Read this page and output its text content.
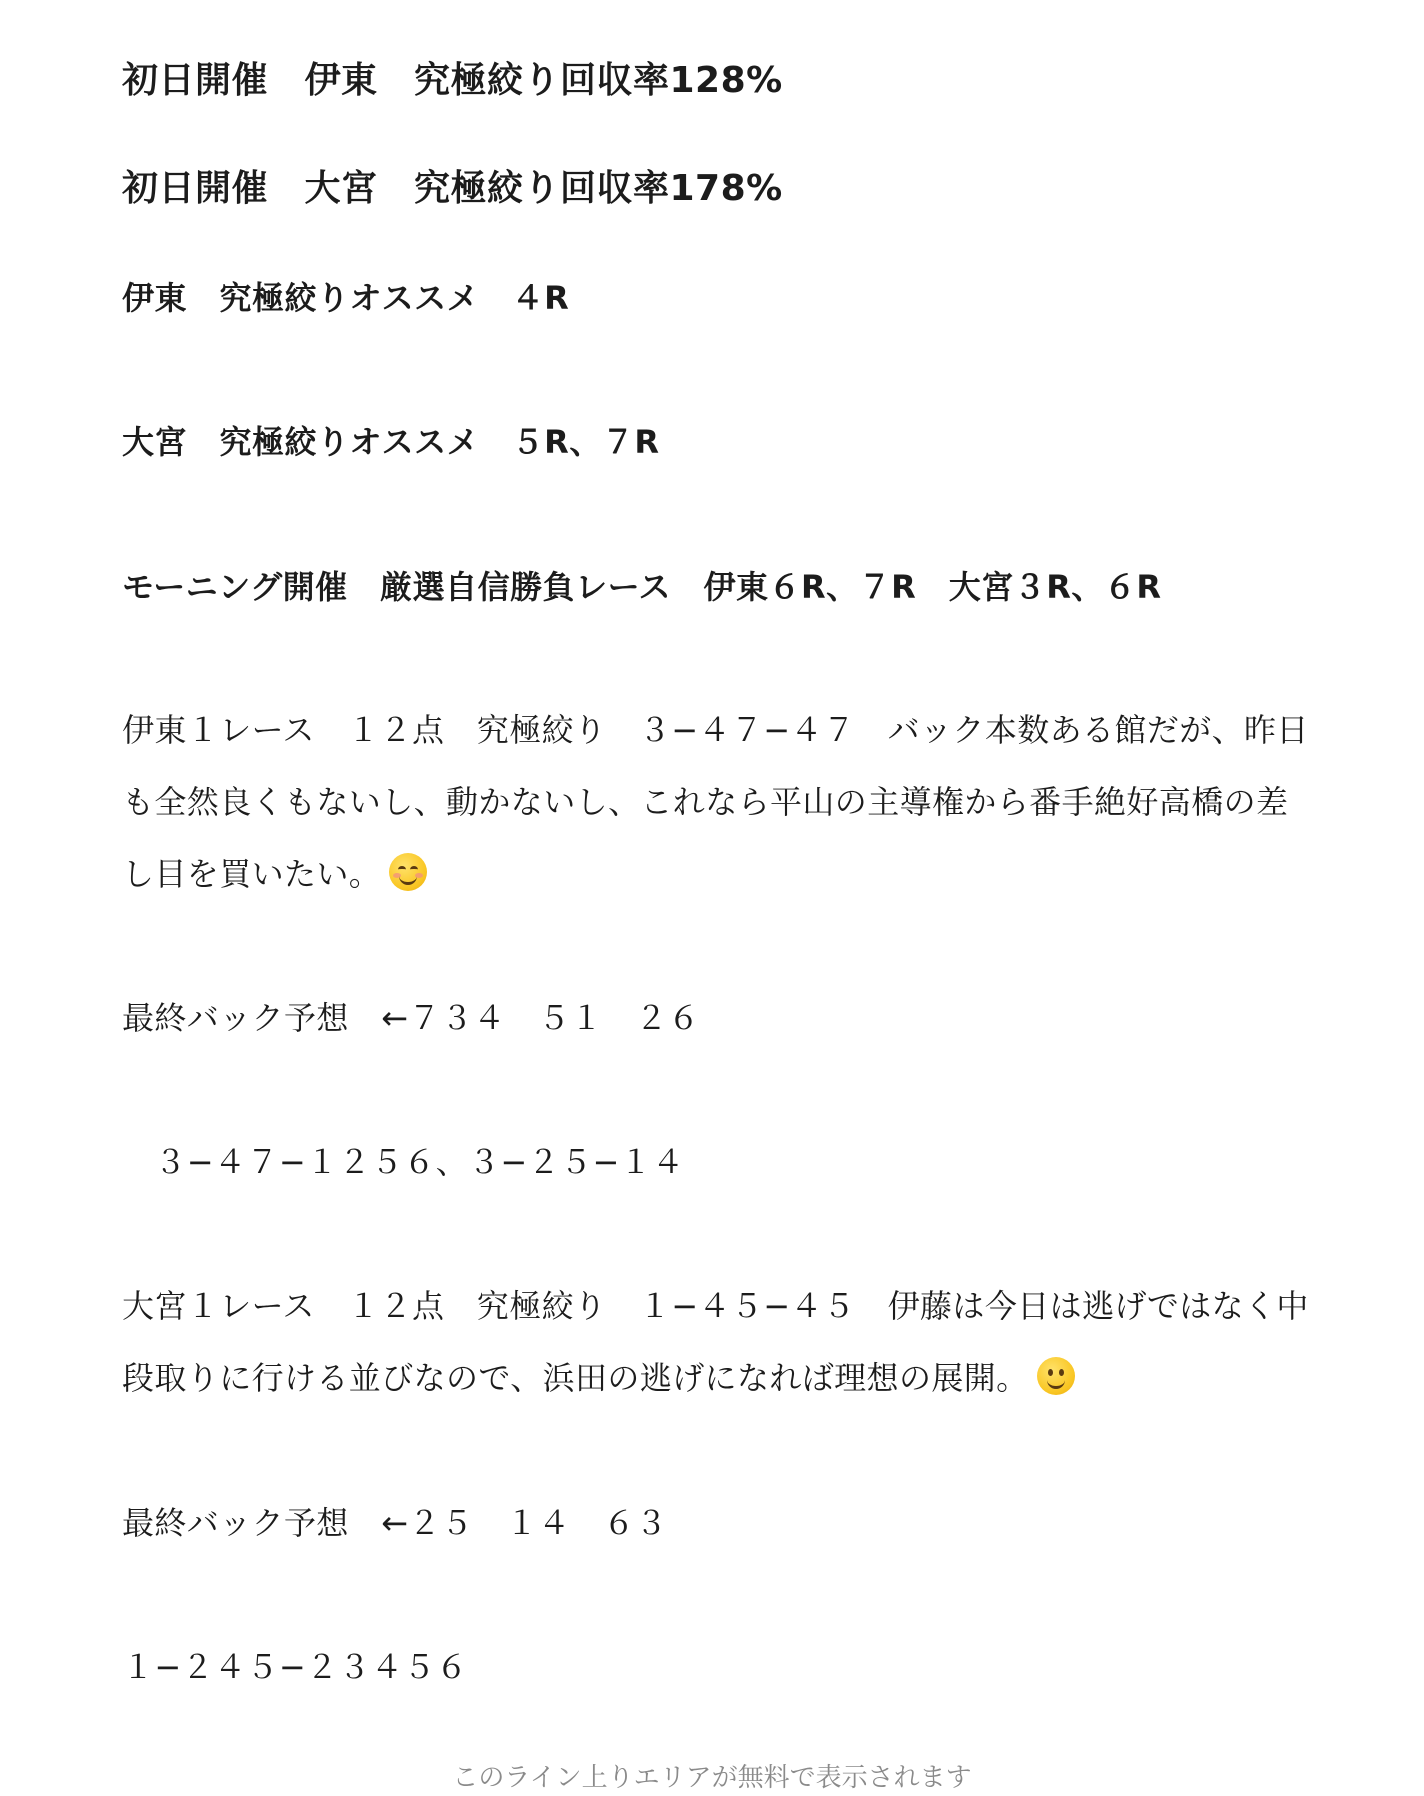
初日開催　伊東　究極絞り回収率128%
初日開催　大宮　究極絞り回収率178%
伊東　究極絞りオススメ　４R
大宮　究極絞りオススメ　５R、７R
モーニング開催　厳選自信勝負レース　伊東６R、７R　大宮３R、６R

伊東１レース　１２点　究極絞り　３−４７−４７　バック本数ある館だが、昨日

も全然良くもないし、動かないし、これなら平山の主導権から番手絶好高橋の差

し目を買いたい。

最終バック予想　←７３４　５１　２６

　３−４７−１２５６、３−２５−１４

大宮１レース　１２点　究極絞り　１−４５−４５　伊藤は今日は逃げではなく中

段取りに行ける並びなので、浜田の逃げになれば理想の展開。

最終バック予想　←２５　１４　６３

１−２４５−２３４５６

このライン上りエリアが無料で表示されます
